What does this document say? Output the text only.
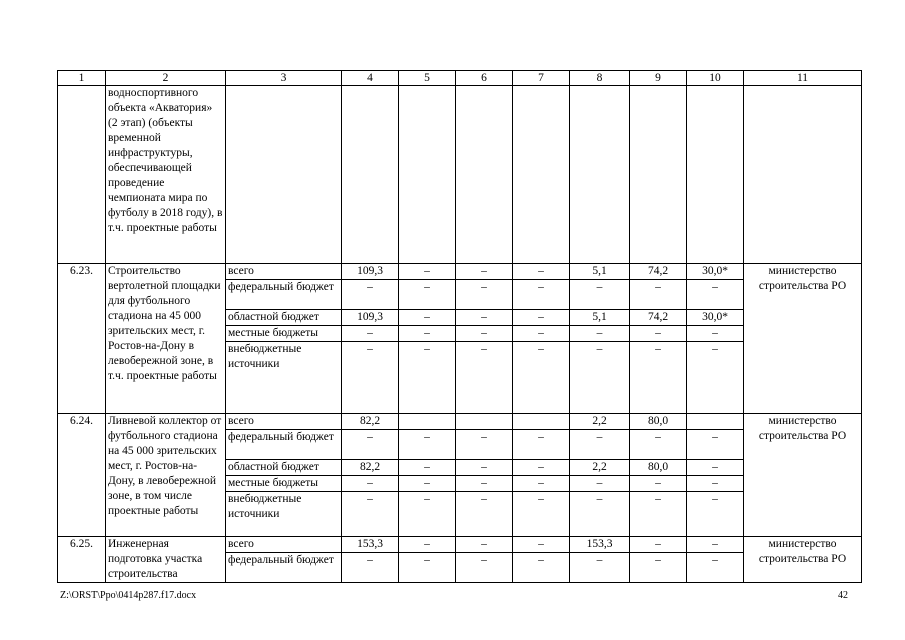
1	2	3	4	5	6	7	8	9	10	11
	водноспортивного объекта «Акватория» (2 этап) (объекты временной инфраструктуры, обеспечивающей проведение чемпионата мира по футболу в 2018 году), в т.ч. проектные работы									
6.23.	Строительство вертолетной площадки для футбольного стадиона на 45 000 зрительских мест, г. Ростов-на-Дону в левобережной зоне, в т.ч. проектные работы	всего	109,3	–	–	–	5,1	74,2	30,0*	министерство строительства РО
		федеральный бюджет	–	–	–	–	–	–	–	
		областной бюджет	109,3	–	–	–	5,1	74,2	30,0*	
		местные бюджеты	–	–	–	–	–	–	–	
		внебюджетные источники	–	–	–	–	–	–	–	
6.24.	Ливневой коллектор от футбольного стадиона на 45 000 зрительских мест, г. Ростов-на-Дону, в левобережной зоне, в том числе проектные работы	всего	82,2				2,2	80,0		министерство строительства РО
		федеральный бюджет	–	–	–	–	–	–	–	
		областной бюджет	82,2	–	–	–	2,2	80,0	–	
		местные бюджеты	–	–	–	–	–	–	–	
		внебюджетные источники	–	–	–	–	–	–	–	
6.25.	Инженерная подготовка участка строительства	всего	153,3	–	–	–	153,3	–	–	министерство строительства РО
		федеральный бюджет	–	–	–	–	–	–	–	
Z:\ORST\Ppo\0414p287.f17.docx	42
